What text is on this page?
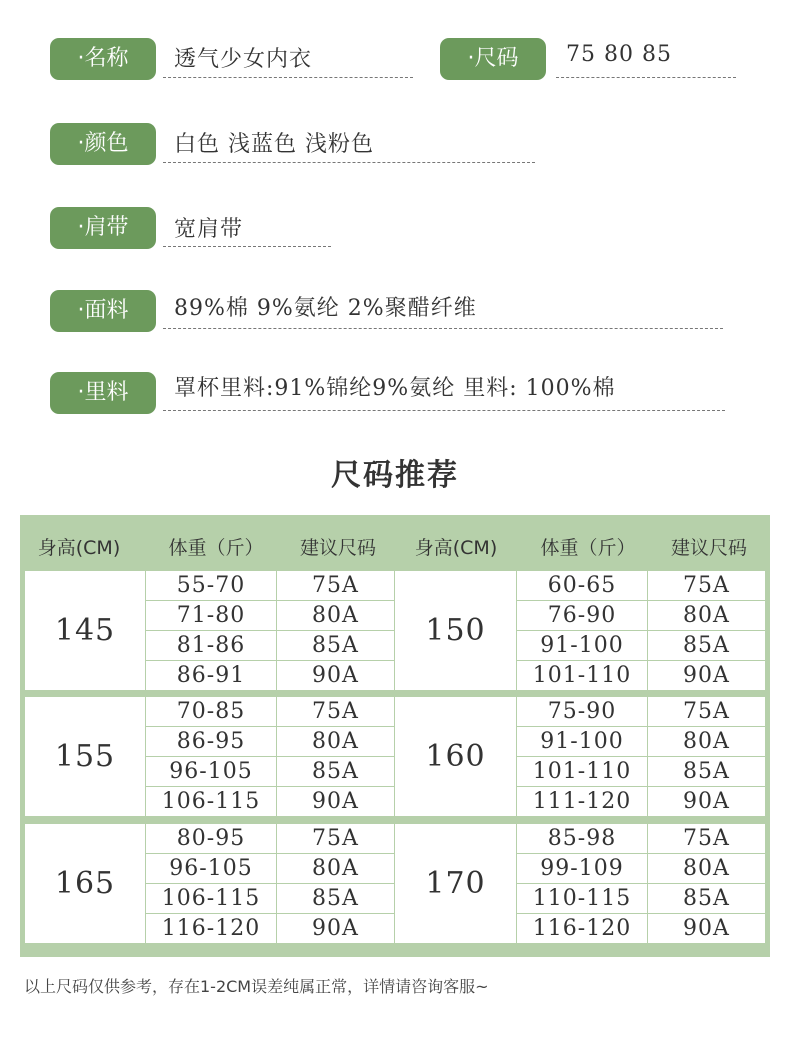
·名称	透气少女内衣	·尺码	75 80 85
·颜色	白色 浅蓝色 浅粉色
·肩带	宽肩带
·面料	89%棉 9%氨纶 2%聚醋纤维
·里料	罩杯里料:91%锦纶9%氨纶 里料: 100%棉
尺码推荐
身高(CM)	体重（斤）	建议尺码	身高(CM)	体重（斤）	建议尺码
145	150
55-70	75A	60-65	75A
71-80	80A	76-90	80A
81-86	85A	91-100	85A
86-91	90A	101-110	90A
155	160
70-85	75A	75-90	75A
86-95	80A	91-100	80A
96-105	85A	101-110	85A
106-115	90A	111-120	90A
165	170
80-95	75A	85-98	75A
96-105	80A	99-109	80A
106-115	85A	110-115	85A
116-120	90A	116-120	90A
以上尺码仅供参考，存在1-2CM误差纯属正常，详情请咨询客服~
